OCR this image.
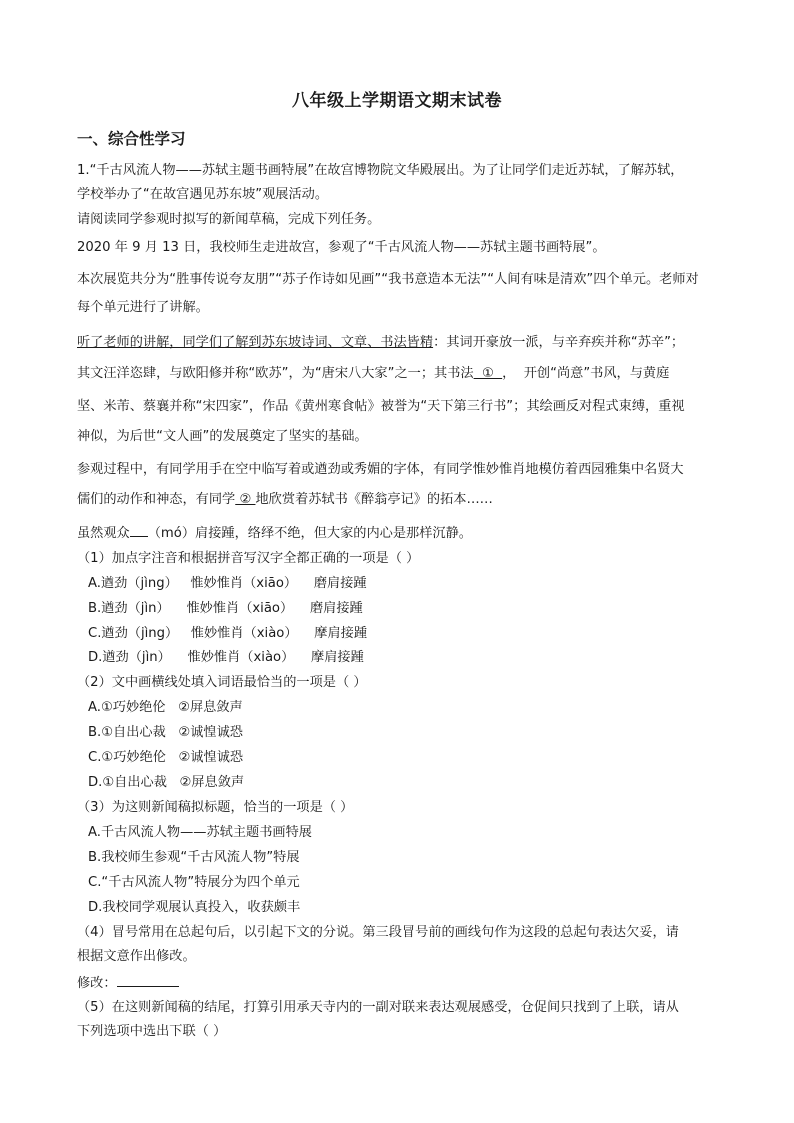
八年级上学期语文期末试卷
一、综合性学习
1.“千古风流人物——苏轼主题书画特展”在故宫博物院文华殿展出。为了让同学们走近苏轼，了解苏轼，
学校举办了“在故宫遇见苏东坡”观展活动。
请阅读同学参观时拟写的新闻草稿，完成下列任务。
2020 年 9 月 13 日，我校师生走进故宫，参观了“千古风流人物——苏轼主题书画特展”。
本次展览共分为“胜事传说夸友朋”“苏子作诗如见画”“我书意造本无法”“人间有味是清欢”四个单元。老师对
每个单元进行了讲解。
听了老师的讲解，同学们了解到苏东坡诗词、文章、书法皆精：其词开豪放一派，与辛弃疾并称“苏辛”；
其文汪洋恣肆，与欧阳修并称“欧苏”，为“唐宋八大家”之一；其书法  ①  ，  开创“尚意”书风，与黄庭
坚、米芾、蔡襄并称“宋四家”，作品《黄州寒食帖》被誉为“天下第三行书”；其绘画反对程式束缚，重视
神似，为后世“文人画”的发展奠定了坚实的基础。
参观过程中，有同学用手在空中临写着或遒劲或秀媚的字体，有同学惟妙惟肖地模仿着西园雅集中名贤大
儒们的动作和神态，有同学 ② 地欣赏着苏轼书《醉翁亭记》的拓本……
虽然观众 （mó）肩接踵，络绎不绝，但大家的内心是那样沉静。
（1）加点字注音和根据拼音写汉字全都正确的一项是（ ）
A.遒劲（jìng）   惟妙惟肖（xiāo）    磨肩接踵
B.遒劲（jìn）    惟妙惟肖（xiāo）    磨肩接踵
C.遒劲（jìng）   惟妙惟肖（xiào）    摩肩接踵
D.遒劲（jìn）    惟妙惟肖（xiào）    摩肩接踵
（2）文中画横线处填入词语最恰当的一项是（ ）
A.①巧妙绝伦   ②屏息敛声
B.①自出心裁   ②诚惶诚恐
C.①巧妙绝伦   ②诚惶诚恐
D.①自出心裁   ②屏息敛声
（3）为这则新闻稿拟标题，恰当的一项是（ ）
A.千古风流人物——苏轼主题书画特展
B.我校师生参观“千古风流人物”特展
C.“千古风流人物”特展分为四个单元
D.我校同学观展认真投入，收获颇丰
（4）冒号常用在总起句后，以引起下文的分说。第三段冒号前的画线句作为这段的总起句表达欠妥，请
根据文意作出修改。
修改：
（5）在这则新闻稿的结尾，打算引用承天寺内的一副对联来表达观展感受，仓促间只找到了上联，请从
下列选项中选出下联（ ）
